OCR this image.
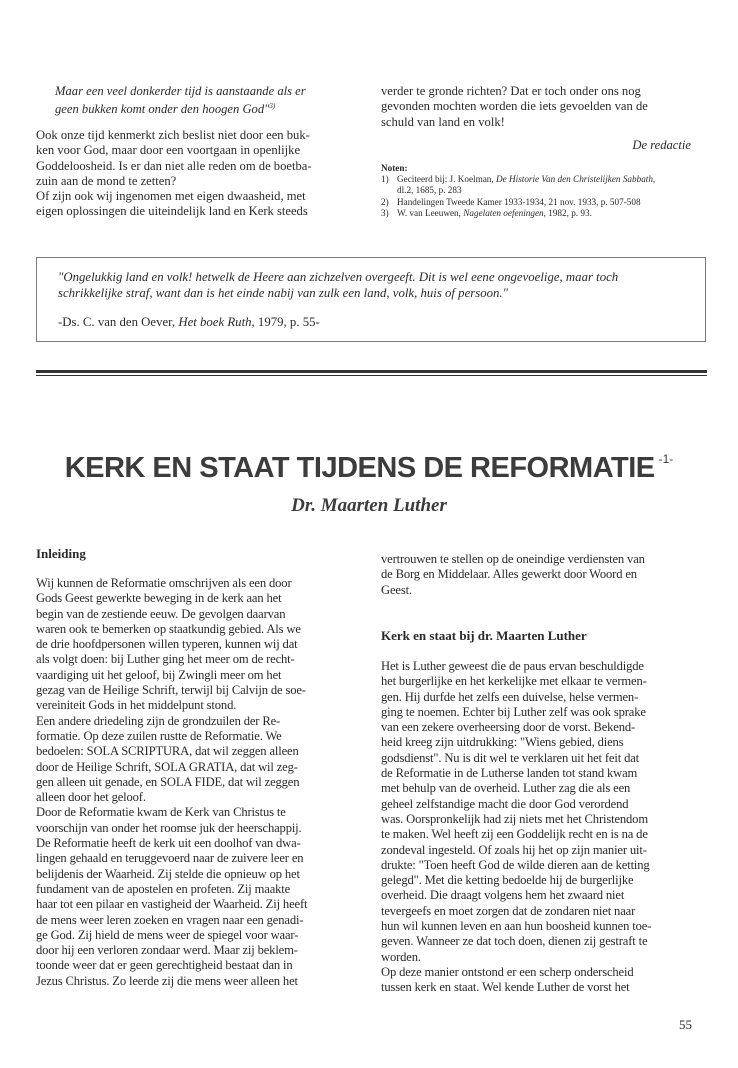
Maar een veel donkerder tijd is aanstaande als er

geen bukken komt onder den hoogen God"$^{3)}$

Ook onze tijd kenmerkt zich beslist niet door een buk-

ken voor God, maar door een voortgaan in openlijke

Goddeloosheid. Is er dan niet alle reden om de boetba-

zuin aan de mond te zetten?

Of zijn ook wij ingenomen met eigen dwaasheid, met

eigen oplossingen die uiteindelijk land en Kerk steeds

verder te gronde richten? Dat er toch onder ons nog

gevonden mochten worden die iets gevoelden van de

schuld van land en volk!

De redactie
Noten:
1) Geciteerd bij: J. Koelman, De Historie Van den Christelijken Sabbath,
dl.2, 1685, p. 283
2) Handelingen Tweede Kamer 1933-1934, 21 nov. 1933, p. 507-508
3) W. van Leeuwen, Nagelaten oefeningen, 1982, p. 93.

"Ongelukkig land en volk! hetwelk de Heere aan zichzelven overgeeft. Dit is wel eene ongevoelige, maar toch

schrikkelijke straf, want dan is het einde nabij van zulk een land, volk, huis of persoon."

-Ds. C. van den Oever, Het boek Ruth, 1979, p. 55-
KERK EN STAAT TIJDENS DE REFORMATIE $^{-1-}$
Dr. Maarten Luther
Inleiding

Wij kunnen de Reformatie omschrijven als een door

Gods Geest gewerkte beweging in de kerk aan het

begin van de zestiende eeuw. De gevolgen daarvan

waren ook te bemerken op staatkundig gebied. Als we

de drie hoofdpersonen willen typeren, kunnen wij dat

als volgt doen: bij Luther ging het meer om de recht-

vaardiging uit het geloof, bij Zwingli meer om het

gezag van de Heilige Schrift, terwijl bij Calvijn de soe-

vereiniteit Gods in het middelpunt stond.

Een andere driedeling zijn de grondzuilen der Re-

formatie. Op deze zuilen rustte de Reformatie. We

bedoelen: SOLA SCRIPTURA, dat wil zeggen alleen

door de Heilige Schrift, SOLA GRATIA, dat wil zeg-

gen alleen uit genade, en SOLA FIDE, dat wil zeggen

alleen door het geloof.

Door de Reformatie kwam de Kerk van Christus te

voorschijn van onder het roomse juk der heerschappij.

De Reformatie heeft de kerk uit een doolhof van dwa-

lingen gehaald en teruggevoerd naar de zuivere leer en

belijdenis der Waarheid. Zij stelde die opnieuw op het

fundament van de apostelen en profeten. Zij maakte

haar tot een pilaar en vastigheid der Waarheid. Zij heeft

de mens weer leren zoeken en vragen naar een genadi-

ge God. Zij hield de mens weer de spiegel voor waar-

door hij een verloren zondaar werd. Maar zij beklem-

toonde weer dat er geen gerechtigheid bestaat dan in

Jezus Christus. Zo leerde zij die mens weer alleen het

vertrouwen te stellen op de oneindige verdiensten van

de Borg en Middelaar. Alles gewerkt door Woord en

Geest.

Kerk en staat bij dr. Maarten Luther

Het is Luther geweest die de paus ervan beschuldigde

het burgerlijke en het kerkelijke met elkaar te vermen-

gen. Hij durfde het zelfs een duivelse, helse vermen-

ging te noemen. Echter bij Luther zelf was ook sprake

van een zekere overheersing door de vorst. Bekend-

heid kreeg zijn uitdrukking: "Wiens gebied, diens

godsdienst". Nu is dit wel te verklaren uit het feit dat

de Reformatie in de Lutherse landen tot stand kwam

met behulp van de overheid. Luther zag die als een

geheel zelfstandige macht die door God verordend

was. Oorspronkelijk had zij niets met het Christendom

te maken. Wel heeft zij een Goddelijk recht en is na de

zondeval ingesteld. Of zoals hij het op zijn manier uit-

drukte: "Toen heeft God de wilde dieren aan de ketting

gelegd". Met die ketting bedoelde hij de burgerlijke

overheid. Die draagt volgens hem het zwaard niet

tevergeefs en moet zorgen dat de zondaren niet naar

hun wil kunnen leven en aan hun boosheid kunnen toe-

geven. Wanneer ze dat toch doen, dienen zij gestraft te

worden.

Op deze manier ontstond er een scherp onderscheid

tussen kerk en staat. Wel kende Luther de vorst het

55
